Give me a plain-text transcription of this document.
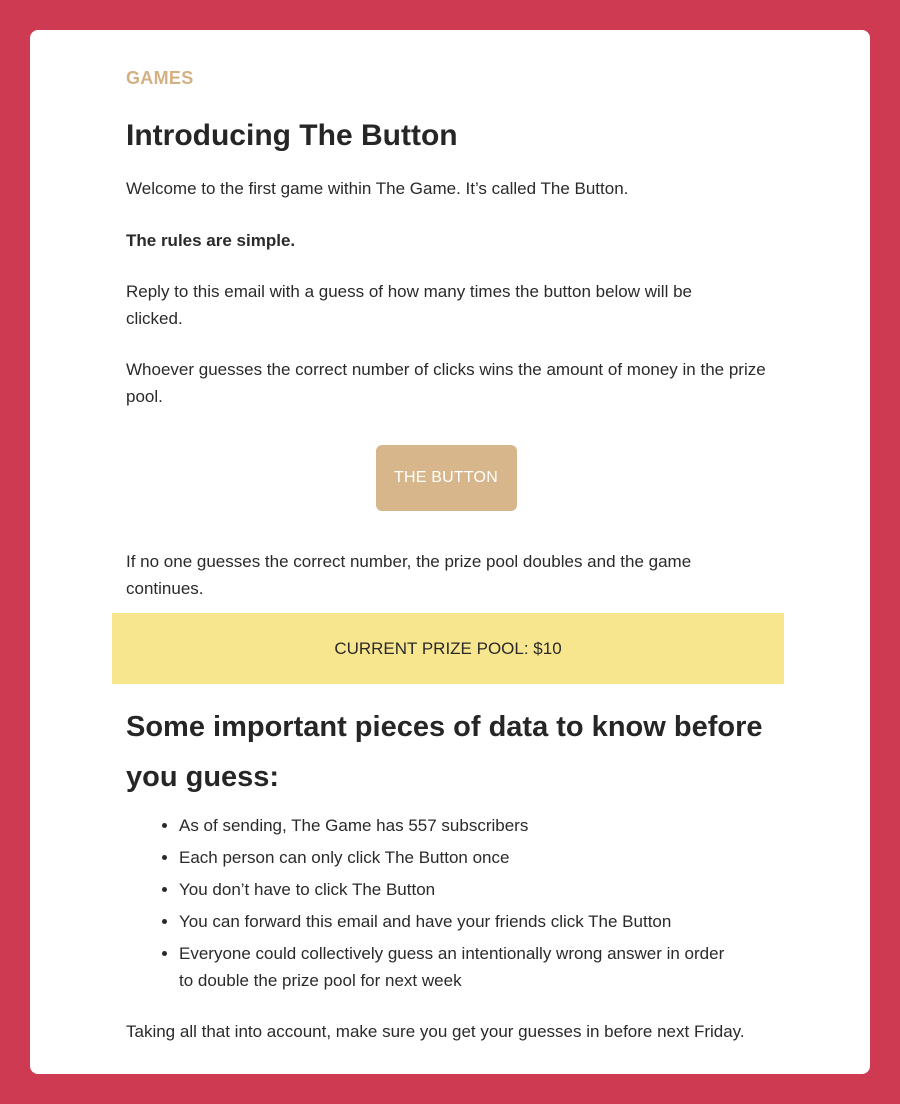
GAMES

Introducing The Button

Welcome to the first game within The Game. It’s called The Button.

The rules are simple.

Reply to this email with a guess of how many times the button below will be clicked.

Whoever guesses the correct number of clicks wins the amount of money in the prize pool.

THE BUTTON

If no one guesses the correct number, the prize pool doubles and the game continues.

Some important pieces of data to know before you guess:
• As of sending, The Game has 557 subscribers
• Each person can only click The Button once
• You don’t have to click The Button
• You can forward this email and have your friends click The Button
• Everyone could collectively guess an intentionally wrong answer in order to double the prize pool for next week

Taking all that into account, make sure you get your guesses in before next Friday.

CURRENT PRIZE POOL: $10
